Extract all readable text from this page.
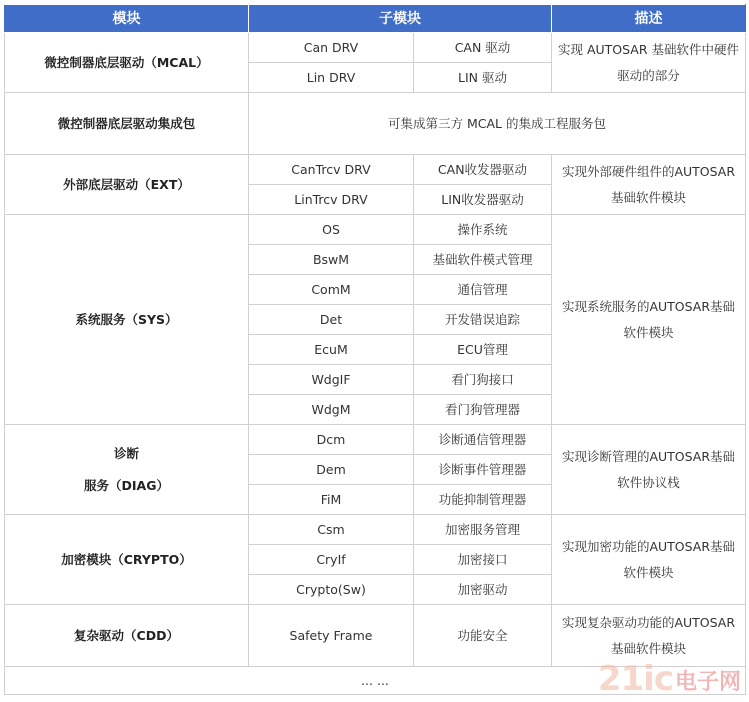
模块	子模块		描述
微控制器底层驱动（MCAL）	Can DRV	CAN 驱动	实现 AUTOSAR 基础软件中硬件驱动的部分
	Lin DRV	LIN 驱动	
微控制器底层驱动集成包	可集成第三方 MCAL 的集成工程服务包		
外部底层驱动（EXT）	CanTrcv DRV	CAN收发器驱动	实现外部硬件组件的AUTOSAR基础软件模块
	LinTrcv DRV	LIN收发器驱动	
系统服务（SYS）	OS	操作系统	实现系统服务的AUTOSAR基础软件模块
	BswM	基础软件模式管理	
	ComM	通信管理	
	Det	开发错误追踪	
	EcuM	ECU管理	
	WdgIF	看门狗接口	
	WdgM	看门狗管理器	

诊断
服务（DIAG）	Dcm	诊断通信管理器	实现诊断管理的AUTOSAR基础软件协议栈
	Dem	诊断事件管理器	
	FiM	功能抑制管理器	
加密模块（CRYPTO）	Csm	加密服务管理	实现加密功能的AUTOSAR基础软件模块
	CryIf	加密接口	
	Crypto(Sw)	加密驱动	
复杂驱动（CDD）	Safety Frame	功能安全	实现复杂驱动功能的AUTOSAR基础软件模块
... ...				21ic 电子网
